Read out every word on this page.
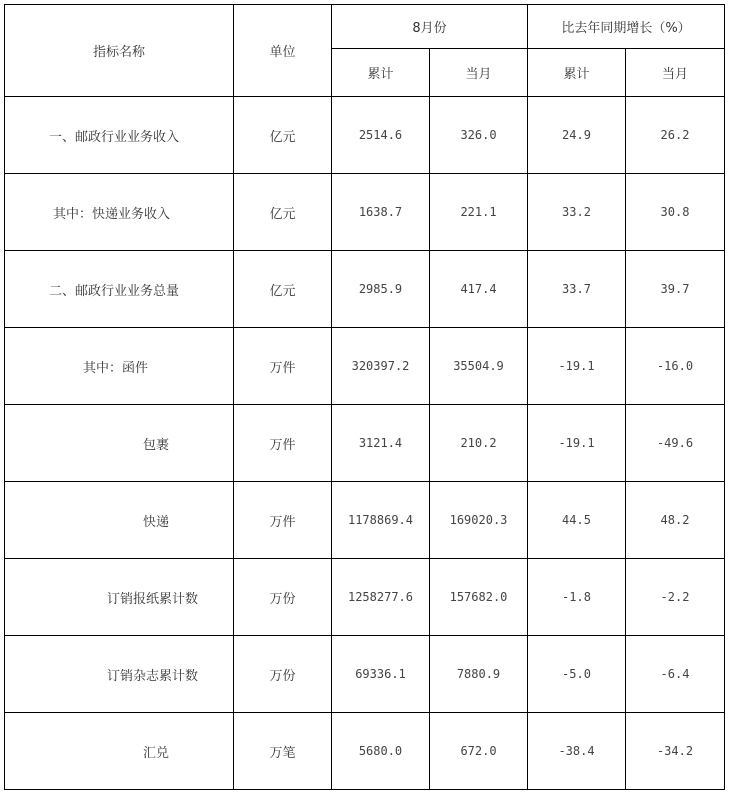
指标名称	单位	8月份		比去年同期增长（%）	
		累计	当月	累计	当月
一、邮政行业业务收入	亿元	2514.6	326.0	24.9	26.2
其中：快递业务收入	亿元	1638.7	221.1	33.2	30.8
二、邮政行业业务总量	亿元	2985.9	417.4	33.7	39.7
其中：函件	万件	320397.2	35504.9	-19.1	-16.0
包裹	万件	3121.4	210.2	-19.1	-49.6
快递	万件	1178869.4	169020.3	44.5	48.2
订销报纸累计数	万份	1258277.6	157682.0	-1.8	-2.2
订销杂志累计数	万份	69336.1	7880.9	-5.0	-6.4
汇兑	万笔	5680.0	672.0	-38.4	-34.2
